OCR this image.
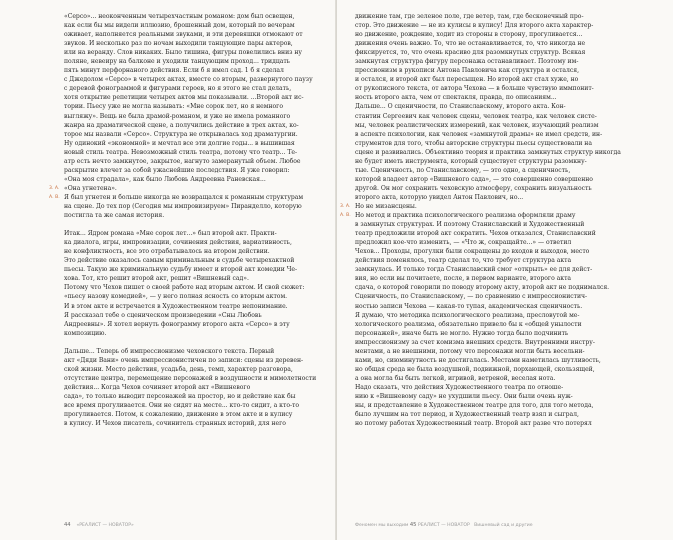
«Серсо»... неоконченным четырехчастным романом: дом был освещен,
как если бы мы видели иллюзию, брошенный дом, который по вечерам
оживает, наполняется реальными звуками, и эти деревяшки отмокают от
звуков. И несколько раз по ночам выходили танцующие пары актеров,
или на веранду. Слов никаких. Было тишина, фигуры повелились вниз ну
поляне, невеиру на балконе и уходили танцующим проход... тридцать
пять минут перфорнаного действия. Если б я имел сад. 1 б я сделал
с Джедолом «Серсо» в четырех актах, вместе со вторым, развернутого паузу
с деревой фонограммой и фигурами героев, но я этого не стал делать,
хотя открытие репетиции четырех актов мы показывали. ...Второй акт ис-
тории. Пьесу уже не могла называть: «Мне сорок лет, но я немного
выгляжу». Вещь не была драмой-романом, и уже не имела романного
жанра на драматической сцене, а получились действие в трех актах, ко-
торое мы назвали «Серсо». Структура не открывалась ход драматургии.
Ну одинокий «экономной» и мечтал все эти долгие годы... в вышившая
новый стиль театра. Невозможный стиль театра, потому что театр... Те-
атр есть нечто замкнутое, закрытое, нагнуто замеранутый объем. Любое
раскрытие влечет за собой ужаснейшие последствия. Я уже говорил:
«Она моя страдала», как было Любовь Андреевна Раневская...
«Она угнетена».
3. А.
Я был угнетен и больше никогда не возвращался к романным структурам
А. В.
на сцене. До тех пор (Сегодня мы импровизируем» Пиранделло, которую
постигла та же самая история.
Итак... Ядром романа «Мне сорок лет...» был второй акт. Практи-
ка диалога, игры, импровизации, сочинения действия, вариативность,
не конфликтность, все это отрабатывалось на втором действии.
Это действие оказалось самым криминальным в судьбе четырехактной
пьесы. Такую же криминальную судьбу имеет и второй акт комедии Че-
хова. Тот, кто решит второй акт, решит «Вишневый сад».
Потому что Чехов пишет о своей работе над вторым актом. И свой сюжет:
«пьесу назову комедией», — у него полная ясность со вторым актом.
И в этом акте и встречается в Художественном театре непонимание.
Я рассказал тебе о сценическом произведении «Сны Любовь
Андреевны». Я хотел вернуть фонограмму второго акта «Серсо» в эту
композицию.
Дальше... Теперь об импрессионизме чеховского текста. Первый
акт «Дяди Вани» очень импрессионистичен по записи: сцены из деревен-
ской жизни. Место действия, усадьба, день, темп, характер разговора,
отсутствие центра, перемещение персонажей в воздушности и мимолетности
действия... Когда Чехов сочиняет второй акт «Вишневого
сада», то только выводит персонажей на простор, но и действие как бы
все время прогуливается. Они не сидят на месте... кто-то сидит, а кто-то
прогуливается. Потом, к сожалению, движение в этом акте и в кулису
в кулису. И Чехов писатель, сочинитель странных историй, для него
44 «РЕАЛИСТ — НОВАТОР»
движение там, где зеленое поле, где ветер, там, где бесконечный про-
стор. Это движение — не из кулисы в кулису! Для второго акта характер-
но движение, рождение, ходит из стороны в сторону, прогуливается...
движения очень важно. То, что не останавливается, то, что никогда не
фиксируется, то, что очень красиво для разомкнутых структур. Всякая
замкнутая структура фигуру персонажа останавливает. Поэтому им-
прессионизм в рукописи Антона Павловича как структура и остался,
и остался, и второй акт был пересыщен. Но второй акт стал хуже, но
от рукописного текста, от автора Чехова — в больше чувствую иммпонит-
ность второго акта, чем от спектакля, правда, по описаниям...
Дальше... О сценичности, по Станиславскому, второго акта. Кон-
стантин Сергеевич как человек сцены, человек театра, как человек систе-
мы, человек реалистических измерений, как человек, изучающий реализм
в аспекте психологии, как человек «замкнутой драмы» не имел средств, ин-
струментов для того, чтобы авторские структуры пьесы существовали на
сцене и развивались. Объективно теория и практика замкнутых структур никогда
не будет иметь инструмента, который существует структуры разомкну-
тые. Сценичность, по Станиславскому, — это одно, а сценичность,
которой владеет автор «Вишневого сада», — это совершенно совершенно
другой. Он мог сохранить чеховскую атмосферу, сохранить визуальность
второго акта, которую увидел Антон Павлович, но...
Но не мизансцены.
3. А.
Но метод и практика психологического реализма оформляли драму
А. В.
в замкнутых структурах. И поэтому Станиславский и Художественный
театр предложили второй акт сократить. Чехов отказался, Станиславский
предложил кое-что изменить, — «Что ж, сокращайте...» — ответил
Чехов... Проходы, прогулки были сокращены до входов и выходов, место
действия поменялось, театр сделал то, что требует структура акта
замкнулась. И только тогда Станиславский смог «открыть» ее для дейст-
вия, но если вы почитаете, после, в первом варианте, второго акта
сдача, о которой говорили по поводу второму акту, второй акт не поднимался.
Сценичность, по Станиславскому, — по сравнению с импрессионистич-
ностью записи Чехова — какая-то тупая, академическая сценичность.
Я думаю, что методика психологического реализма, пресловутой ме-
хологического реализма, обязательно привело бы к «общей унылости
персонажей», иначе быть не могло. Нужно тогда было подчинить
импрессионизму за счет комизма внешних средств. Внутренними инстру-
ментами, а не внешними, потому что персонажи могли быть весельни-
ками, но, сиюминутность не достигалась. Местами наметилась шутливость,
но общая среда не была воздушной, подвижной, порхающей, скользящей,
а она могла бы быть легкой, игривой, ветреной, веселая нота.
Надо сказать, что действия Художественного театра по отноше-
нию к «Вишневому саду» не ухудшили пьесу. Они были очень нуж-
ны, и представление в Художественном театре для того, для того метода,
было лучшим на тот период, и Художественный театр взял и сыграл,
но потому работах Художественный театр. Второй акт разве что потерял
Феномен мы выходим 45 РЕАЛИСТ — НОВАТОР Вишневый сад и другие
